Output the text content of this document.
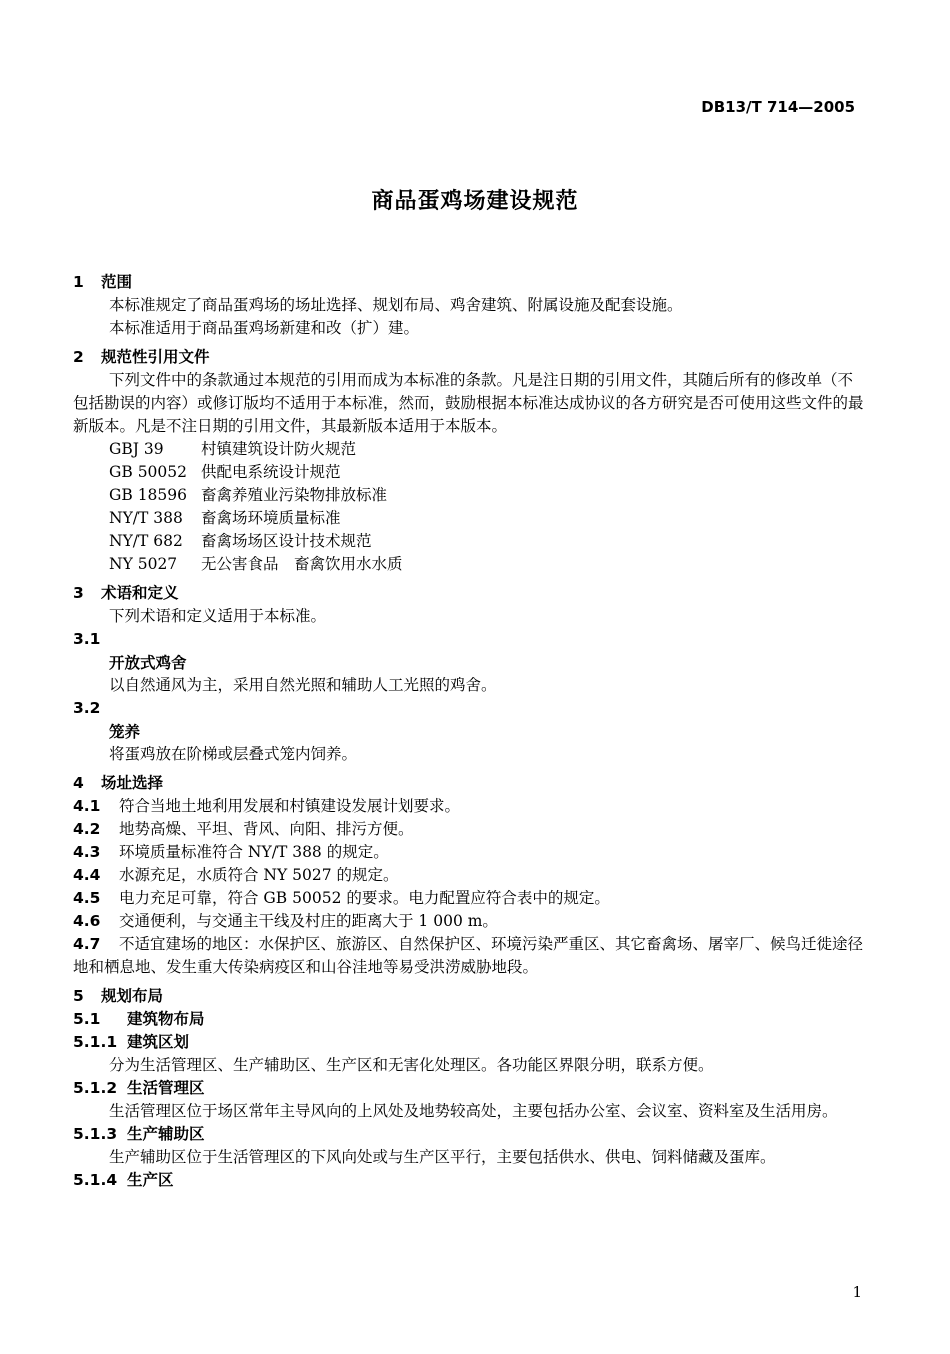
DB13/T 714—2005
商品蛋鸡场建设规范
1 范围
本标准规定了商品蛋鸡场的场址选择、规划布局、鸡舍建筑、附属设施及配套设施。
本标准适用于商品蛋鸡场新建和改（扩）建。
2 规范性引用文件
下列文件中的条款通过本规范的引用而成为本标准的条款。凡是注日期的引用文件，其随后所有的修改单（不包括勘误的内容）或修订版均不适用于本标准，然而，鼓励根据本标准达成协议的各方研究是否可使用这些文件的最新版本。凡是不注日期的引用文件，其最新版本适用于本版本。
GBJ 39 村镇建筑设计防火规范
GB 50052 供配电系统设计规范
GB 18596 畜禽养殖业污染物排放标准
NY/T 388 畜禽场环境质量标准
NY/T 682 畜禽场场区设计技术规范
NY 5027 无公害食品　畜禽饮用水水质
3 术语和定义
下列术语和定义适用于本标准。
3.1
开放式鸡舍
以自然通风为主，采用自然光照和辅助人工光照的鸡舍。
3.2
笼养
将蛋鸡放在阶梯或层叠式笼内饲养。
4 场址选择
4.1 符合当地土地利用发展和村镇建设发展计划要求。
4.2 地势高燥、平坦、背风、向阳、排污方便。
4.3 环境质量标准符合 NY/T 388 的规定。
4.4 水源充足，水质符合 NY 5027 的规定。
4.5 电力充足可靠，符合 GB 50052 的要求。电力配置应符合表中的规定。
4.6 交通便利，与交通主干线及村庄的距离大于 1 000 m。
4.7 不适宜建场的地区：水保护区、旅游区、自然保护区、环境污染严重区、其它畜禽场、屠宰厂、候鸟迁徙途径地和栖息地、发生重大传染病疫区和山谷洼地等易受洪涝威胁地段。
5 规划布局
5.1 建筑物布局
5.1.1 建筑区划
分为生活管理区、生产辅助区、生产区和无害化处理区。各功能区界限分明，联系方便。
5.1.2 生活管理区
生活管理区位于场区常年主导风向的上风处及地势较高处，主要包括办公室、会议室、资料室及生活用房。
5.1.3 生产辅助区
生产辅助区位于生活管理区的下风向处或与生产区平行，主要包括供水、供电、饲料储藏及蛋库。
5.1.4 生产区
1
